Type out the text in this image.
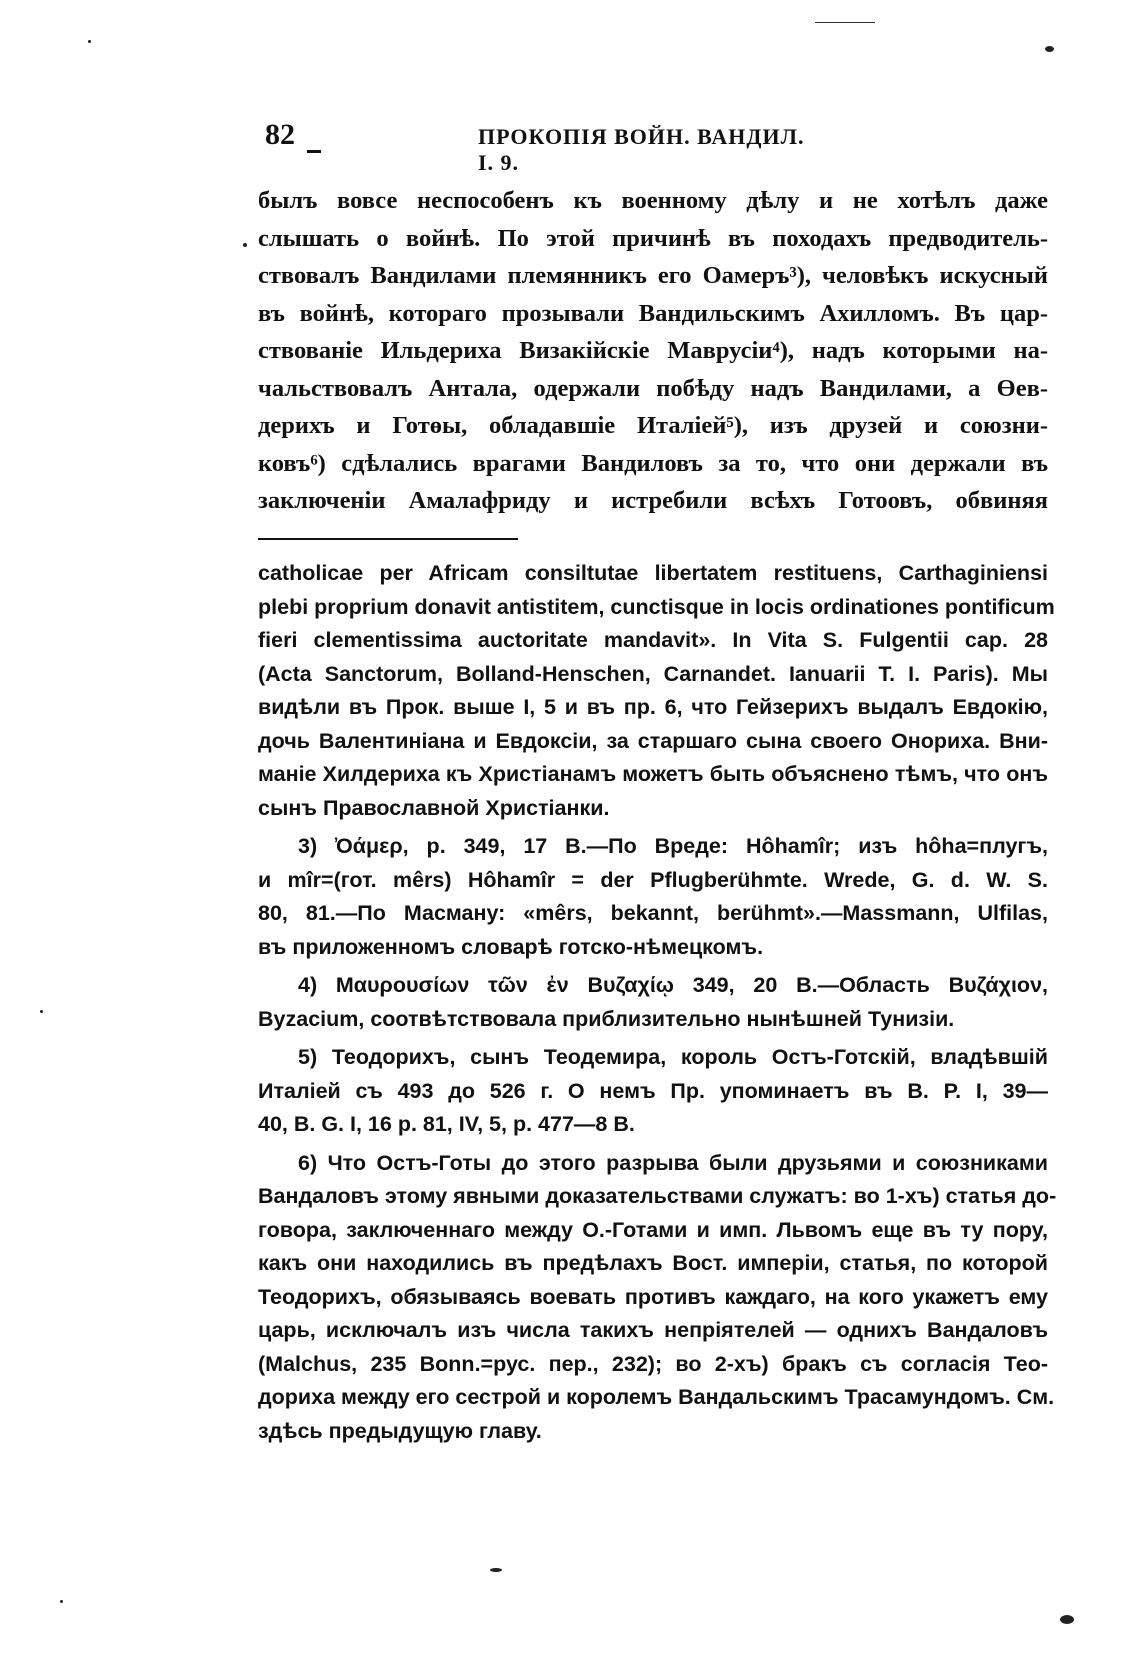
82	ПРОКОПІЯ ВОЙН. ВАНДИЛ. I. 9.
былъ вовсе неспособенъ къ военному дѣлу и не хотѣлъ даже
слышать о войнѣ. По этой причинѣ въ походахъ предводитель-
ствовалъ Вандилами племянникъ его Оамеръ³), человѣкъ искусный
въ войнѣ, котораго прозывали Вандильскимъ Ахилломъ. Въ цар-
ствованіе Ильдериха Визакійскіе Маврусіи⁴), надъ которыми на-
чальствовалъ Антала, одержали побѣду надъ Вандилами, а Өев-
дерихъ и Готөы, обладавшіе Италіей⁵), изъ друзей и союзни-
ковъ⁶) сдѣлались врагами Вандиловъ за то, что они держали въ
заключеніи Амалафриду и истребили всѣхъ Готоовъ, обвиняя
catholicae per Africam consiltutae libertatem restituens, Carthaginiensi
plebi proprium donavit antistitem, cunctisque in locis ordinationes pontificum
fieri clementissima auctoritate mandavit». In Vita S. Fulgentii cap. 28
(Acta Sanctorum, Bolland-Henschen, Carnandet. Ianuarii T. I. Paris). Мы
видѣли въ Прок. выше I, 5 и въ пр. 6, что Гейзерихъ выдалъ Евдокію,
дочь Валентиніана и Евдоксіи, за старшаго сына своего Онориха. Вни-
маніе Хилдериха къ Христіанамъ можетъ быть объяснено тѣмъ, что онъ
сынъ Православной Христіанки.
3) Ὀάμερ, p. 349, 17 B.—По Вреде: Hôhamîr; изъ hôha=плугъ,
и mîr=(гот. mêrs) Hôhamîr = der Pflugberühmte. Wrede, G. d. W. S.
80, 81.—По Масману: «mêrs, bekannt, berühmt».—Massmann, Ulfilas,
въ приложенномъ словарѣ готско-нѣмецкомъ.
4) Μαυρουσίων τῶν ἐν Βυζαχίῳ 349, 20 B.—Область Βυζάχιον,
Byzacium, соотвѣтствовала приблизительно нынѣшней Тунизіи.
5) Теодорихъ, сынъ Теодемира, король Остъ-Готскій, владѣвшій
Италіей съ 493 до 526 г. О немъ Пр. упоминаетъ въ B. P. I, 39—
40, B. G. I, 16 p. 81, IV, 5, p. 477—8 B.
6) Что Остъ-Готы до этого разрыва были друзьями и союзниками
Вандаловъ этому явными доказательствами служатъ: во 1-хъ) статья до-
говора, заключеннаго между О.-Готами и имп. Львомъ еще въ ту пору,
какъ они находились въ предѣлахъ Вост. имперіи, статья, по которой
Теодорихъ, обязываясь воевать противъ каждаго, на кого укажетъ ему
царь, исключалъ изъ числа такихъ непріятелей — однихъ Вандаловъ
(Malchus, 235 Bonn.=рус. пер., 232); во 2-хъ) бракъ съ согласія Тео-
дориха между его сестрой и королемъ Вандальскимъ Трасамундомъ. См.
здѣсь предыдущую главу.
